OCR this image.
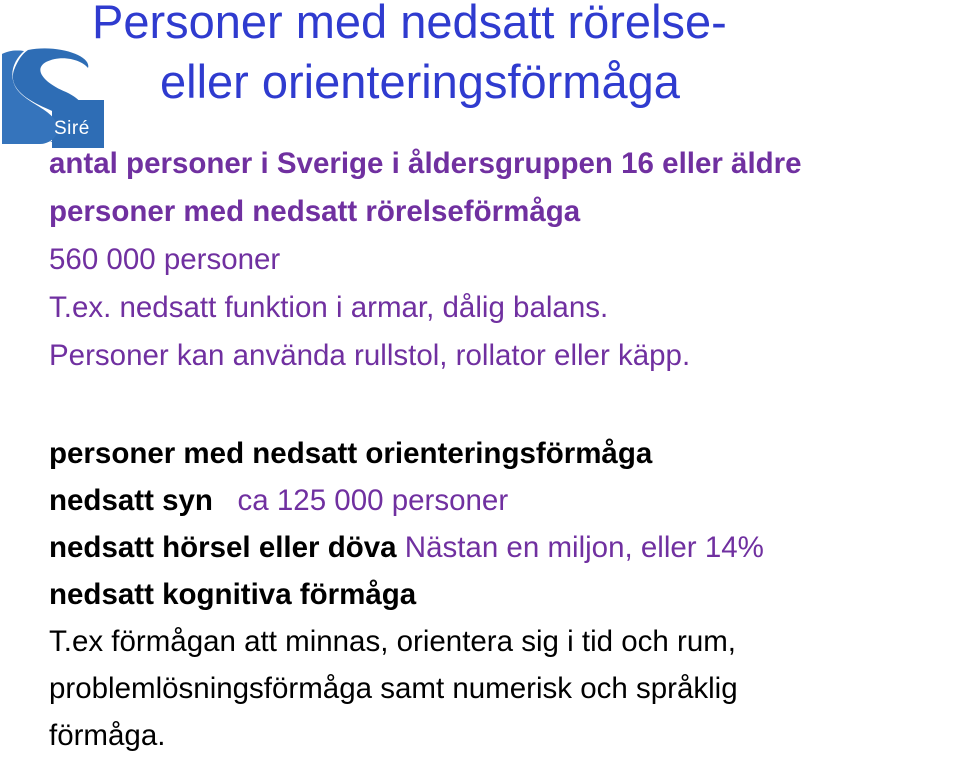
Siré
Personer med nedsatt rörelse-
eller orienteringsförmåga
antal personer i Sverige i åldersgruppen 16 eller äldre
personer med nedsatt rörelseförmåga
560 000 personer
T.ex. nedsatt funktion i armar, dålig balans.
Personer kan använda rullstol, rollator eller käpp.
personer med nedsatt orienteringsförmåga
nedsatt syn ca 125 000 personer
nedsatt hörsel eller döva Nästan en miljon, eller 14%
nedsatt kognitiva förmåga
T.ex förmågan att minnas, orientera sig i tid och rum,
problemlösningsförmåga samt numerisk och språklig
förmåga.
